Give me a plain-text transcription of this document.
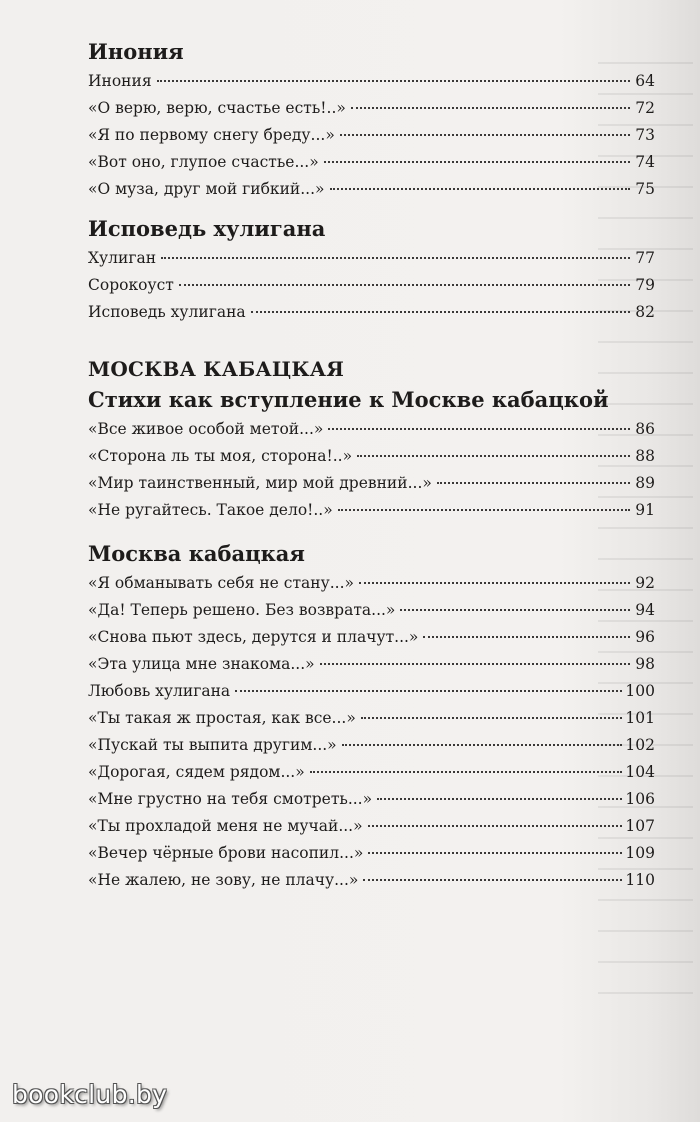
Инония
Инония	64
«О верю, верю, счастье есть!..»	72
«Я по первому снегу бреду...»	73
«Вот оно, глупое счастье...»	74
«О муза, друг мой гибкий...»	75
Исповедь хулигана
Хулиган	77
Сорокоуст	79
Исповедь хулигана	82
МОСКВА КАБАЦКАЯ
Стихи как вступление к Москве кабацкой
«Все живое особой метой...»	86
«Сторона ль ты моя, сторона!..»	88
«Мир таинственный, мир мой древний...»	89
«Не ругайтесь. Такое дело!..»	91
Москва кабацкая
«Я обманывать себя не стану...»	92
«Да! Теперь решено. Без возврата...»	94
«Снова пьют здесь, дерутся и плачут...»	96
«Эта улица мне знакома...»	98
Любовь хулигана	100
«Ты такая ж простая, как все...»	101
«Пускай ты выпита другим...»	102
«Дорогая, сядем рядом...»	104
«Мне грустно на тебя смотреть...»	106
«Ты прохладой меня не мучай...»	107
«Вечер чёрные брови насопил...»	109
«Не жалею, не зову, не плачу...»	110
bookclub.by
